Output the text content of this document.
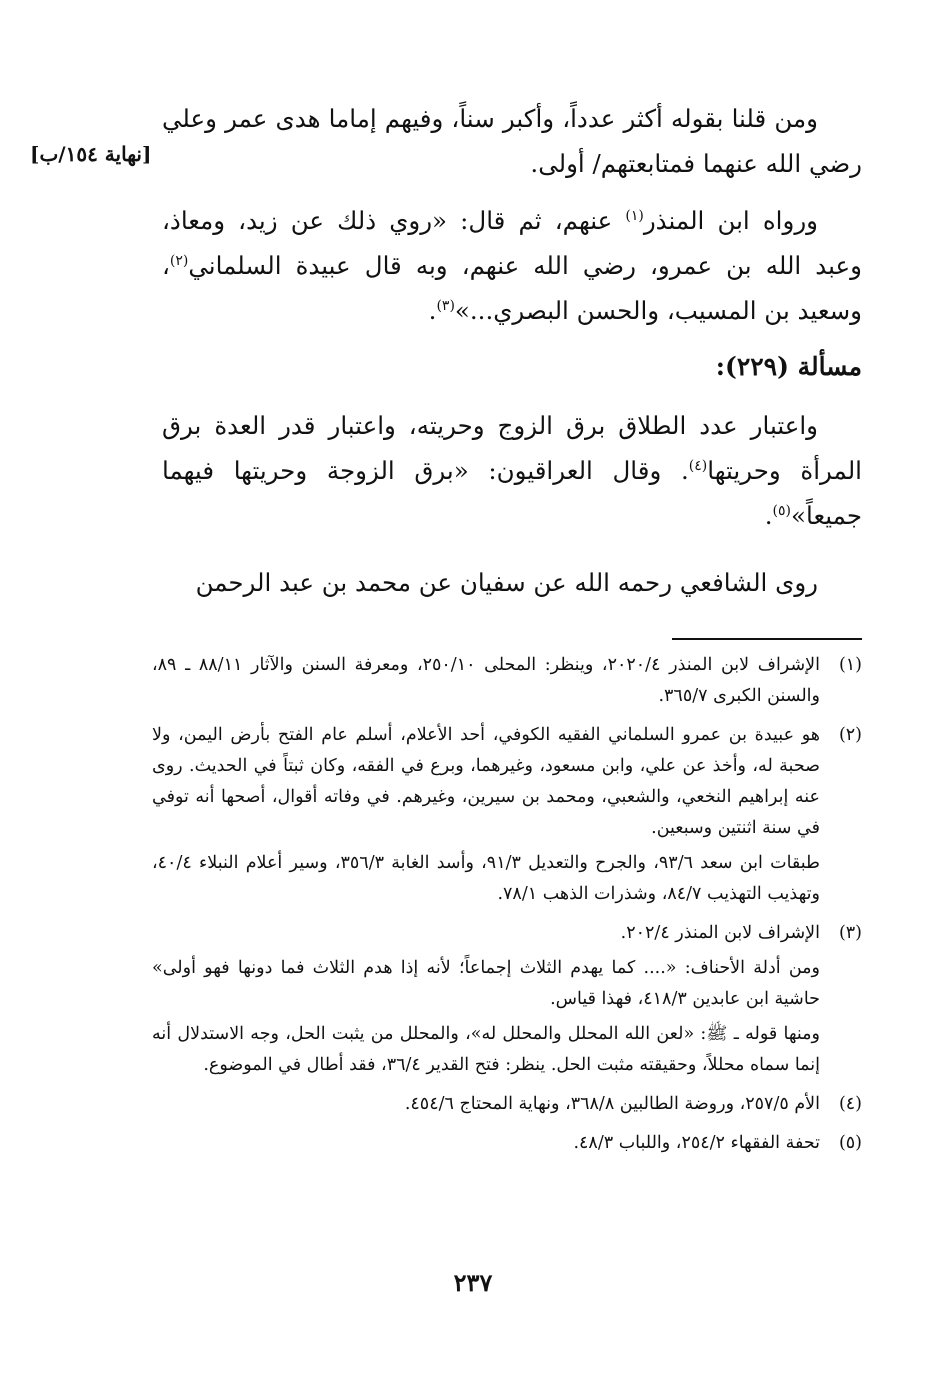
[نهاية ١٥٤/ب]

ومن قلنا بقوله أكثر عدداً، وأكبر سناً، وفيهم إماما هدى عمر وعلي رضي الله عنهما فمتابعتهم/ أولى.

ورواه ابن المنذر$^{(١)}$ عنهم، ثم قال: «روي ذلك عن زيد، ومعاذ، وعبد الله بن عمرو، رضي الله عنهم، وبه قال عبيدة السلماني$^{(٢)}$، وسعيد بن المسيب، والحسن البصري...»$^{(٣)}$.

مسألة (٢٢٩):

واعتبار عدد الطلاق برق الزوج وحريته، واعتبار قدر العدة برق المرأة وحريتها$^{(٤)}$. وقال العراقيون: «برق الزوجة وحريتها فيهما جميعاً»$^{(٥)}$.

روى الشافعي رحمه الله عن سفيان عن محمد بن عبد الرحمن

(١)

الإشراف لابن المنذر ٢٠٢٠/٤، وينظر: المحلى ٢٥٠/١٠، ومعرفة السنن والآثار ٨٨/١١ ـ ٨٩، والسنن الكبرى ٣٦٥/٧.

(٢)

هو عبيدة بن عمرو السلماني الفقيه الكوفي، أحد الأعلام، أسلم عام الفتح بأرض اليمن، ولا صحبة له، وأخذ عن علي، وابن مسعود، وغيرهما، وبرع في الفقه، وكان ثبتاً في الحديث. روى عنه إبراهيم النخعي، والشعبي، ومحمد بن سيرين، وغيرهم. في وفاته أقوال، أصحها أنه توفي في سنة اثنتين وسبعين.

طبقات ابن سعد ٩٣/٦، والجرح والتعديل ٩١/٣، وأسد الغابة ٣٥٦/٣، وسير أعلام النبلاء ٤٠/٤، وتهذيب التهذيب ٨٤/٧، وشذرات الذهب ٧٨/١.

(٣)

الإشراف لابن المنذر ٢٠٢/٤.

ومن أدلة الأحناف: «.... كما يهدم الثلاث إجماعاً؛ لأنه إذا هدم الثلاث فما دونها فهو أولى» حاشية ابن عابدين ٤١٨/٣، فهذا قياس.

ومنها قوله ـ ﷺ: «لعن الله المحلل والمحلل له»، والمحلل من يثبت الحل، وجه الاستدلال أنه إنما سماه محللاً، وحقيقته مثبت الحل. ينظر: فتح القدير ٣٦/٤، فقد أطال في الموضوع.

(٤)

الأم ٢٥٧/٥، وروضة الطالبين ٣٦٨/٨، ونهاية المحتاج ٤٥٤/٦.

(٥)

تحفة الفقهاء ٢٥٤/٢، واللباب ٤٨/٣.

٢٣٧
